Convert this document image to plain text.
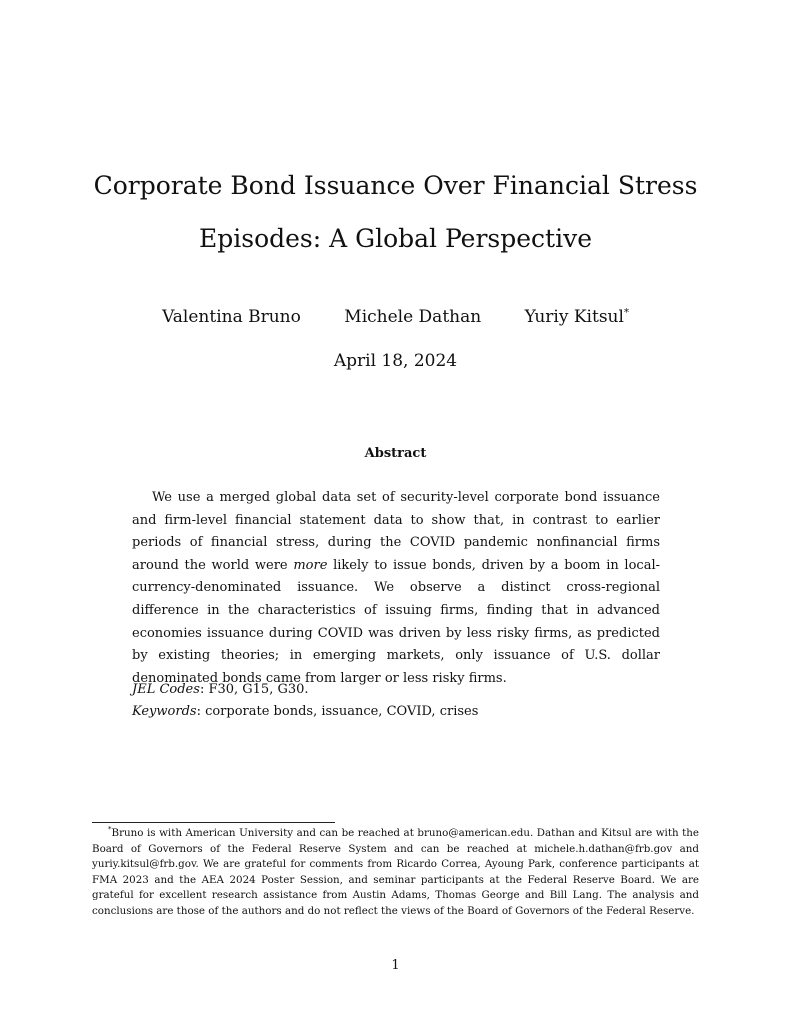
Corporate Bond Issuance Over Financial Stress
Episodes: A Global Perspective
Valentina Bruno	Michele Dathan	Yuriy Kitsul*
April 18, 2024
Abstract

We use a merged global data set of security-level corporate bond issuance and firm-level financial statement data to show that, in contrast to earlier periods of financial stress, during the COVID pandemic nonfinancial firms around the world were more likely to issue bonds, driven by a boom in local-currency-denominated issuance. We observe a distinct cross-regional difference in the characteristics of issuing firms, finding that in advanced economies issuance during COVID was driven by less risky firms, as predicted by existing theories; in emerging markets, only issuance of U.S. dollar denominated bonds came from larger or less risky firms.

JEL Codes: F30, G15, G30.

Keywords: corporate bonds, issuance, COVID, crises

*Bruno is with American University and can be reached at bruno@american.edu. Dathan and Kitsul are with the Board of Governors of the Federal Reserve System and can be reached at michele.h.dathan@frb.gov and yuriy.kitsul@frb.gov. We are grateful for comments from Ricardo Correa, Ayoung Park, conference participants at FMA 2023 and the AEA 2024 Poster Session, and seminar participants at the Federal Reserve Board. We are grateful for excellent research assistance from Austin Adams, Thomas George and Bill Lang. The analysis and conclusions are those of the authors and do not reflect the views of the Board of Governors of the Federal Reserve.

1
